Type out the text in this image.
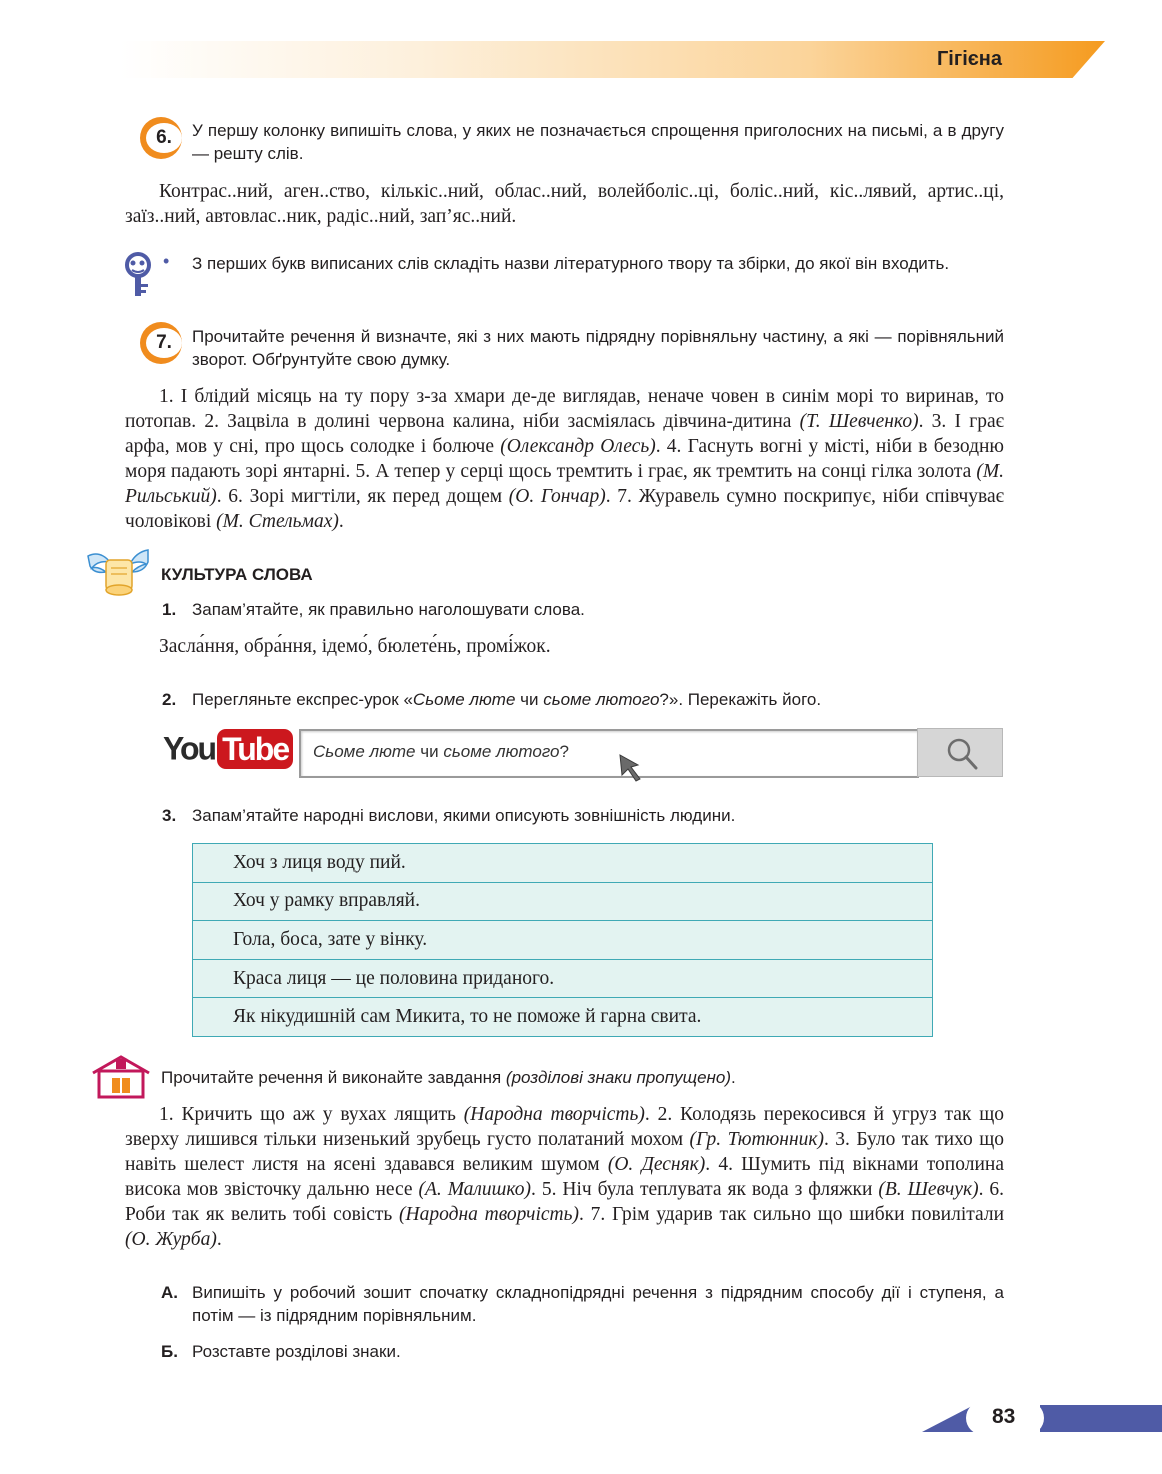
Гігієна
6.	У першу колонку випишіть слова, у яких не позначається спрощення приголосних на письмі, а в другу — решту слів.
Контрас..ний, аген..ство, кількіс..ний, облас..ний, волейболіс..ці, боліс..ний, кіс..лявий, артис..ці, заїз..ний, автовлас..ник, радіс..ний, зап’яс..ний.
• З перших букв виписаних слів складіть назви літературного твору та збірки, до якої він входить.
7.	Прочитайте речення й визначте, які з них мають підрядну порівняльну частину, а які — порівняльний зворот. Обґрунтуйте свою думку.
1. І блідий місяць на ту пору з-за хмари де-де виглядав, неначе човен в синім морі то виринав, то потопав. 2. Зацвіла в долині червона калина, ніби засміялась дівчина-дитина (Т. Шевченко). 3. І грає арфа, мов у сні, про щось солодке і болюче (Олександр Олесь). 4. Гаснуть вогні у місті, ніби в безодню моря падають зорі янтарні. 5. А тепер у серці щось тремтить і грає, як тремтить на сонці гілка золота (М. Рильський). 6. Зорі мигтіли, як перед дощем (О. Гончар). 7. Журавель сумно поскрипує, ніби співчуває чоловікові (М. Стельмах).
КУЛЬТУРА СЛОВА
1. Запам’ятайте, як правильно наголошувати слова.
Заcла́ння, обра́ння, ідемо́, бюлете́нь, промі́жок.
2. Перегляньте експрес-урок «Сьоме люте чи сьоме лютого?». Перекажіть його.
You Tube Сьоме люте чи сьоме лютого?
3. Запам’ятайте народні вислови, якими описують зовнішність людини.
Хоч з лиця воду пий.
Хоч у рамку вправляй.
Гола, боса, зате у вінку.
Краса лиця — це половина приданого.
Як нікудишній сам Микита, то не поможе й гарна свита.
Прочитайте речення й виконайте завдання (розділові знаки пропущено).
1. Кричить що аж у вухах лящить (Народна творчість). 2. Колодязь перекосився й угруз так що зверху лишився тільки низенький зрубець густо полатаний мохом (Гр. Тютюнник). 3. Було так тихо що навіть шелест листя на ясені здавався великим шумом (О. Десняк). 4. Шумить під вікнами тополина висока мов звісточку дальню несе (А. Малишко). 5. Ніч була теплувата як вода з фляжки (В. Шевчук). 6. Роби так як велить тобі совість (Народна творчість). 7. Грім ударив так сильно що шибки повилітали (О. Журба).
А. Випишіть у робочий зошит спочатку складнопідрядні речення з підрядним способу дії і ступеня, а потім — із підрядним порівняльним.
Б. Розставте розділові знаки.
83
